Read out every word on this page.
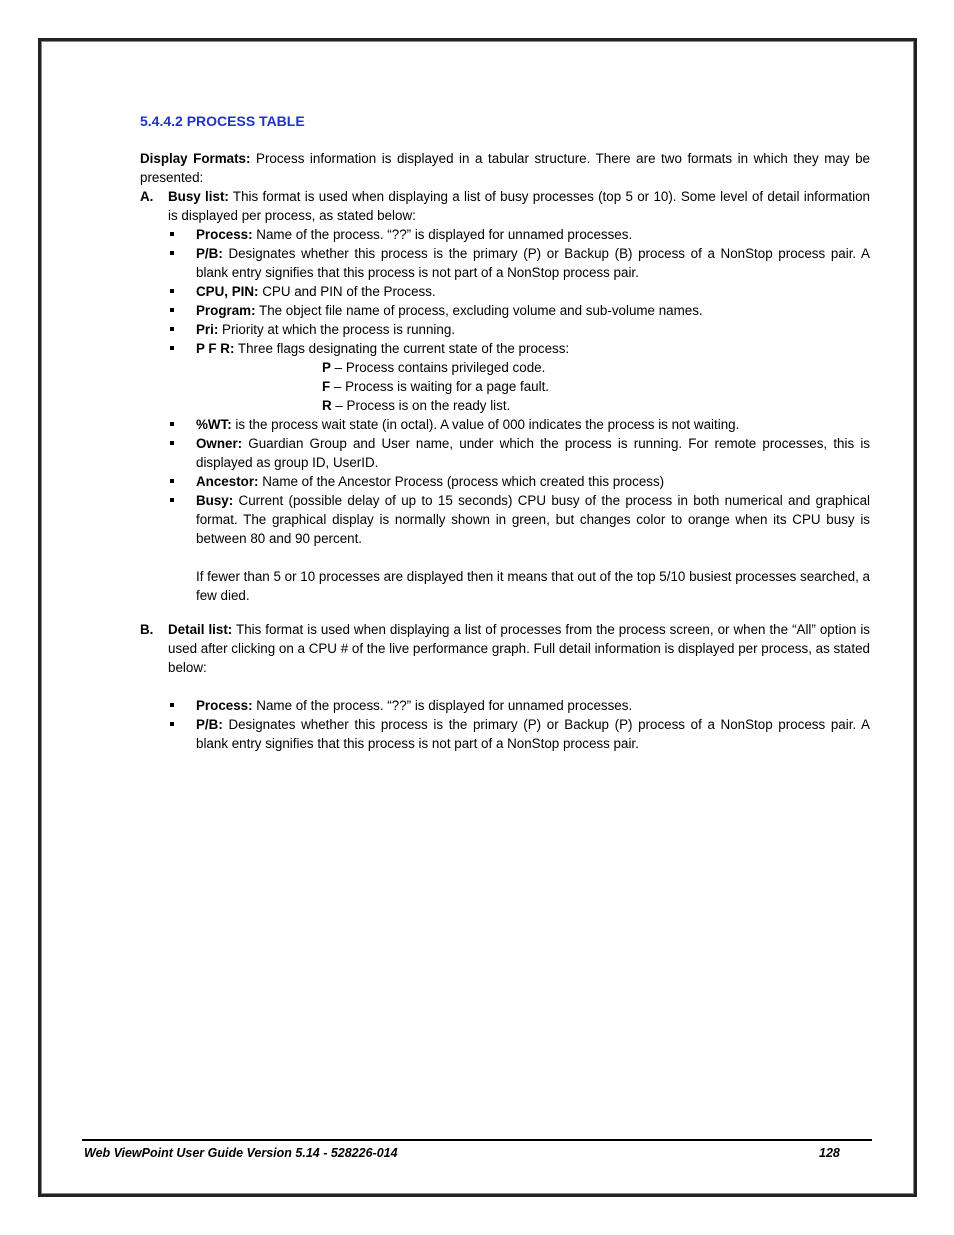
5.4.4.2 PROCESS TABLE

Display Formats: Process information is displayed in a tabular structure. There are two formats in which they may be presented:

A.	Busy list: This format is used when displaying a list of busy processes (top 5 or 10). Some level of detail information is displayed per process, as stated below:
Process: Name of the process. “??” is displayed for unnamed processes.
P/B: Designates whether this process is the primary (P) or Backup (B) process of a NonStop process pair. A blank entry signifies that this process is not part of a NonStop process pair.
CPU, PIN: CPU and PIN of the Process.
Program: The object file name of process, excluding volume and sub-volume names.
Pri: Priority at which the process is running.
P F R: Three flags designating the current state of the process:
P – Process contains privileged code.
F – Process is waiting for a page fault.
R – Process is on the ready list.
%WT: is the process wait state (in octal). A value of 000 indicates the process is not waiting.
Owner: Guardian Group and User name, under which the process is running. For remote processes, this is displayed as group ID, UserID.
Ancestor: Name of the Ancestor Process (process which created this process)
Busy: Current (possible delay of up to 15 seconds) CPU busy of the process in both numerical and graphical format. The graphical display is normally shown in green, but changes color to orange when its CPU busy is between 80 and 90 percent.

If fewer than 5 or 10 processes are displayed then it means that out of the top 5/10 busiest processes searched, a few died.

B.	Detail list: This format is used when displaying a list of processes from the process screen, or when the “All” option is used after clicking on a CPU # of the live performance graph. Full detail information is displayed per process, as stated below:
Process: Name of the process. “??” is displayed for unnamed processes.
P/B: Designates whether this process is the primary (P) or Backup (P) process of a NonStop process pair. A blank entry signifies that this process is not part of a NonStop process pair.
Web ViewPoint User Guide Version 5.14 - 528226-014	128
